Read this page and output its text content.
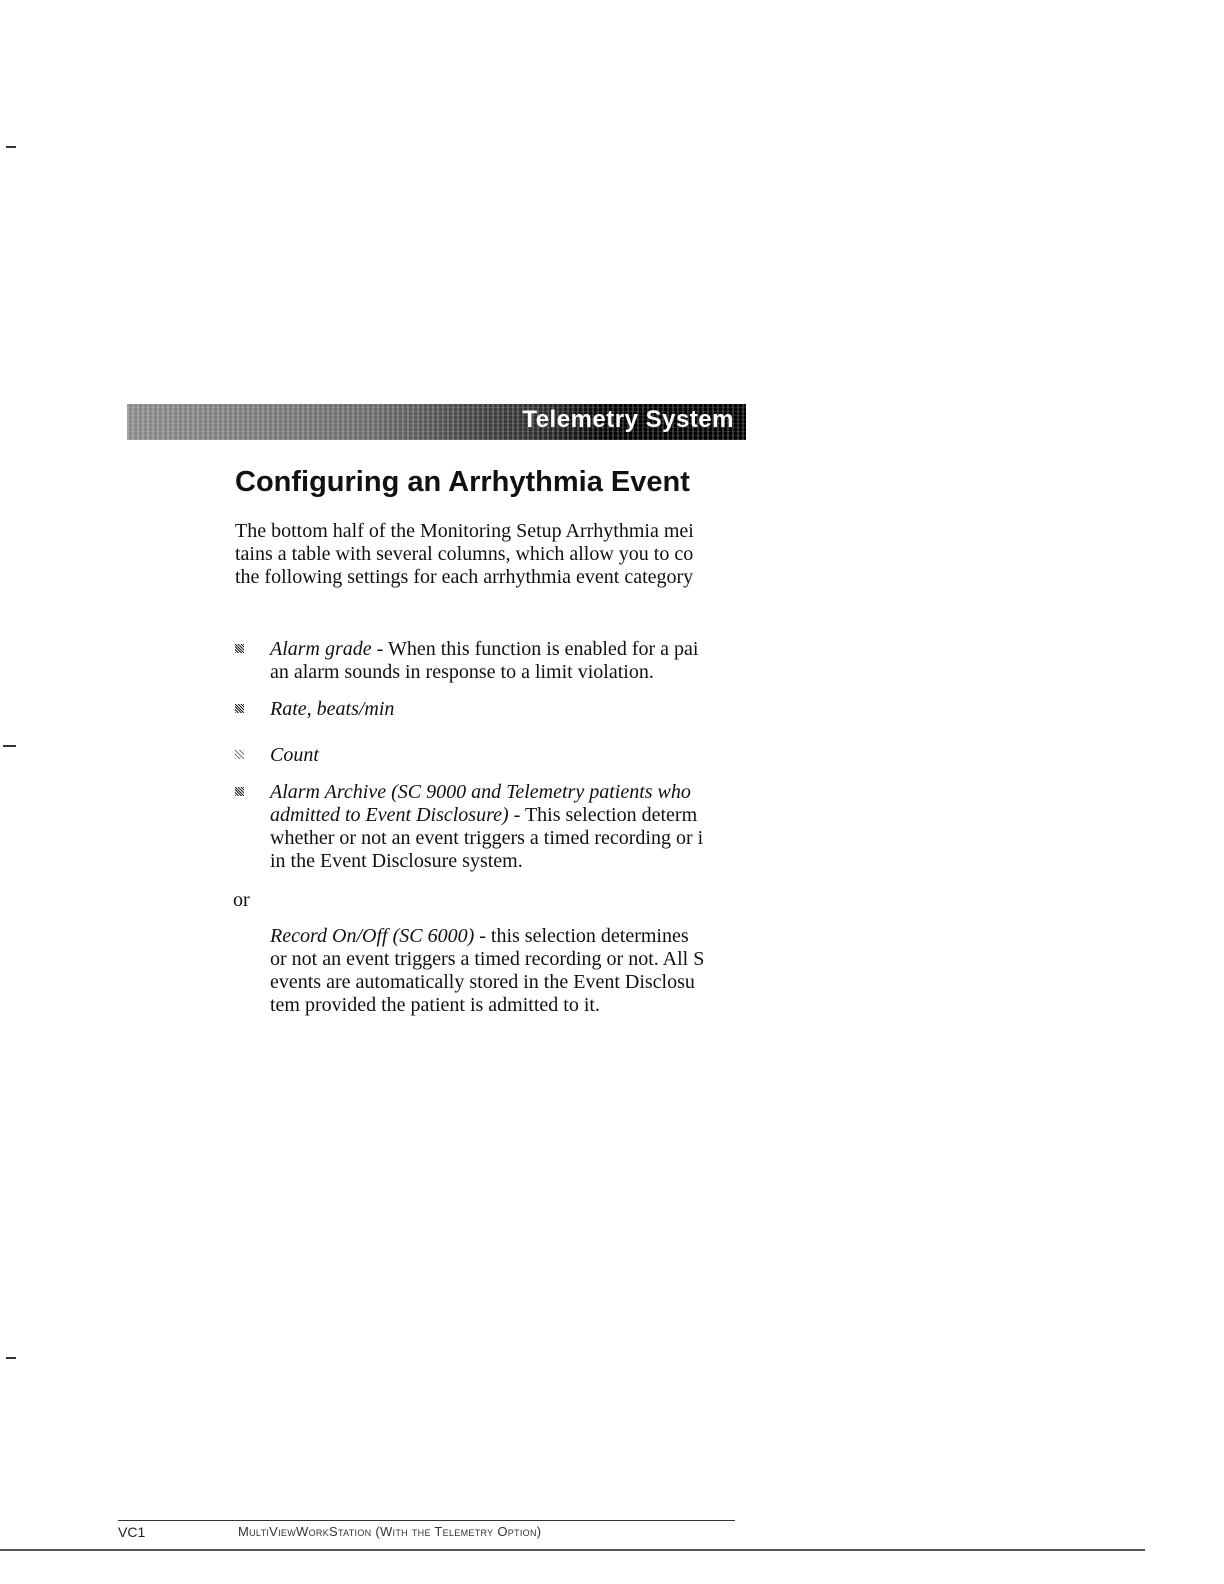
Telemetry System
Configuring an Arrhythmia Event
The bottom half of the Monitoring Setup Arrhythmia mei
tains a table with several columns, which allow you to co
the following settings for each arrhythmia event category
Alarm grade - When this function is enabled for a pai
an alarm sounds in response to a limit violation.
Rate, beats/min
Count
Alarm Archive (SC 9000 and Telemetry patients who
admitted to Event Disclosure) - This selection determ
whether or not an event triggers a timed recording or i
in the Event Disclosure system.
or
Record On/Off (SC 6000) - this selection determines
or not an event triggers a timed recording or not. All S
events are automatically stored in the Event Disclosu
tem provided the patient is admitted to it.
VC1	MultiViewWorkStation (With the Telemetry Option)
